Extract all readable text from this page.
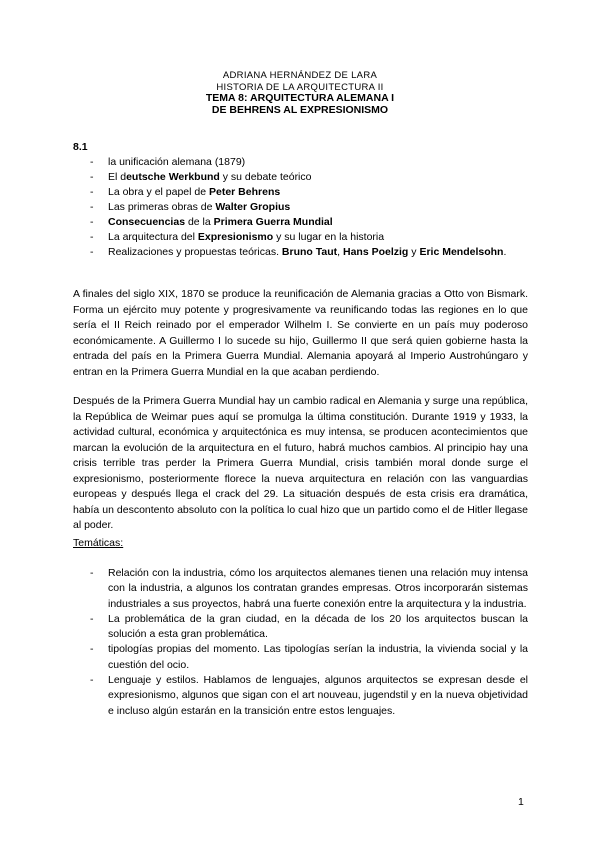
ADRIANA HERNÁNDEZ DE LARA
HISTORIA DE LA ARQUITECTURA II
TEMA 8: ARQUITECTURA ALEMANA I
DE BEHRENS AL EXPRESIONISMO
8.1
- la unificación alemana (1879)
- El deutsche Werkbund y su debate teórico
- La obra y el papel de Peter Behrens
- Las primeras obras de Walter Gropius
- Consecuencias de la Primera Guerra Mundial
- La arquitectura del Expresionismo y su lugar en la historia
- Realizaciones y propuestas teóricas. Bruno Taut, Hans Poelzig y Eric Mendelsohn.

A finales del siglo XIX, 1870 se produce la reunificación de Alemania gracias a Otto von Bismark. Forma un ejército muy potente y progresivamente va reunificando todas las regiones en lo que sería el II Reich reinado por el emperador Wilhelm I. Se convierte en un país muy poderoso económicamente. A Guillermo I lo sucede su hijo, Guillermo II que será quien gobierne hasta la entrada del país en la Primera Guerra Mundial. Alemania apoyará al Imperio Austrohúngaro y entran en la Primera Guerra Mundial en la que acaban perdiendo.

Después de la Primera Guerra Mundial hay un cambio radical en Alemania y surge una república, la República de Weimar pues aquí se promulga la última constitución. Durante 1919 y 1933, la actividad cultural, económica y arquitectónica es muy intensa, se producen acontecimientos que marcan la evolución de la arquitectura en el futuro, habrá muchos cambios. Al principio hay una crisis terrible tras perder la Primera Guerra Mundial, crisis también moral donde surge el expresionismo, posteriormente florece la nueva arquitectura en relación con las vanguardias europeas y después llega el crack del 29. La situación después de esta crisis era dramática, había un descontento absoluto con la política lo cual hizo que un partido como el de Hitler llegase al poder.

Temáticas:
- Relación con la industria, cómo los arquitectos alemanes tienen una relación muy intensa con la industria, a algunos los contratan grandes empresas. Otros incorporarán sistemas industriales a sus proyectos, habrá una fuerte conexión entre la arquitectura y la industria.
- La problemática de la gran ciudad, en la década de los 20 los arquitectos buscan la solución a esta gran problemática.
- tipologías propias del momento. Las tipologías serían la industria, la vivienda social y la cuestión del ocio.
- Lenguaje y estilos. Hablamos de lenguajes, algunos arquitectos se expresan desde el expresionismo, algunos que sigan con el art nouveau, jugendstil y en la nueva objetividad e incluso algún estarán en la transición entre estos lenguajes.
1
